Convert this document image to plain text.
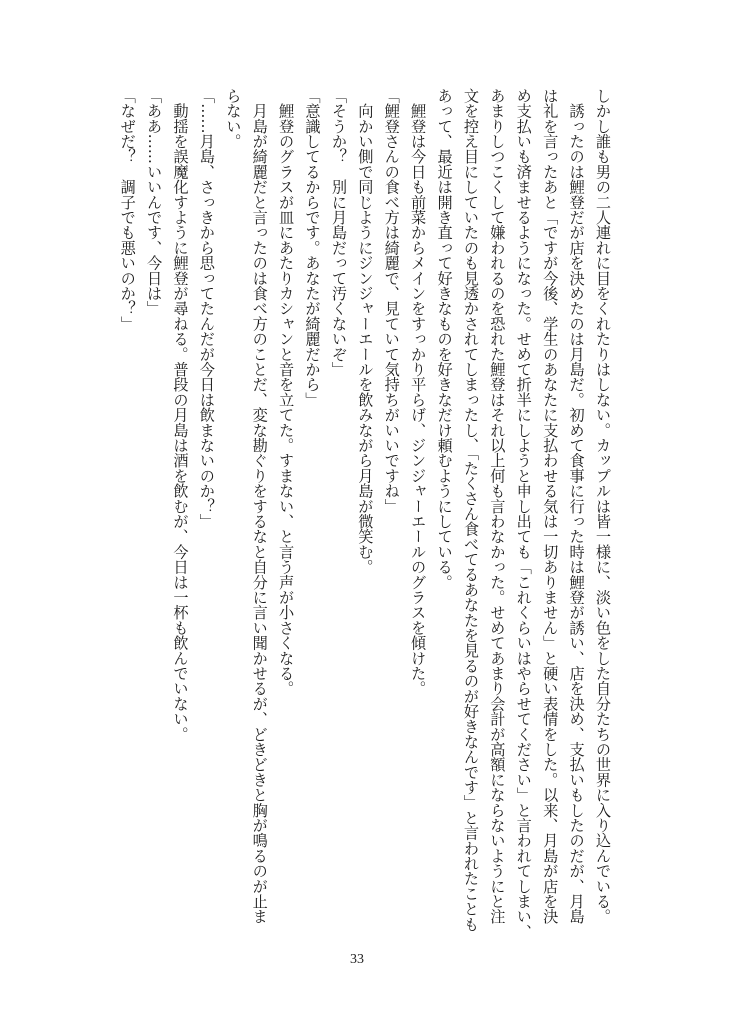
しかし誰も男の二人連れに目をくれたりはしない。カップルは皆一様に、淡い色をした自分たちの世界に入り込んでいる。
　誘ったのは鯉登だが店を決めたのは月島だ。初めて食事に行った時は鯉登が誘い、店を決め、支払いもしたのだが、月島
は礼を言ったあと「ですが今後、学生のあなたに支払わせる気は一切ありません」と硬い表情をした。以来、月島が店を決
め支払いも済ませるようになった。せめて折半にしようと申し出ても「これくらいはやらせてください」と言われてしまい、
あまりしつこくして嫌われるのを恐れた鯉登はそれ以上何も言わなかった。せめてあまり会計が高額にならないようにと注
文を控え目にしていたのも見透かされてしまったし、「たくさん食べてるあなたを見るのが好きなんです」と言われたことも
あって、最近は開き直って好きなものを好きなだけ頼むようにしている。
　鯉登は今日も前菜からメインをすっかり平らげ、ジンジャーエールのグラスを傾けた。
「鯉登さんの食べ方は綺麗で、見ていて気持ちがいいですね」
　向かい側で同じようにジンジャーエールを飲みながら月島が微笑む。
「そうか？　別に月島だって汚くないぞ」
「意識してるからです。あなたが綺麗だから」
　鯉登のグラスが皿にあたりカシャンと音を立てた。すまない、と言う声が小さくなる。
　月島が綺麗だと言ったのは食べ方のことだ、変な勘ぐりをするなと自分に言い聞かせるが、どきどきと胸が鳴るのが止ま
らない。
「……月島、さっきから思ってたんだが今日は飲まないのか？」
　動揺を誤魔化すように鯉登が尋ねる。普段の月島は酒を飲むが、今日は一杯も飲んでいない。
「ああ……いいんです、今日は」
「なぜだ？　調子でも悪いのか？」
33
